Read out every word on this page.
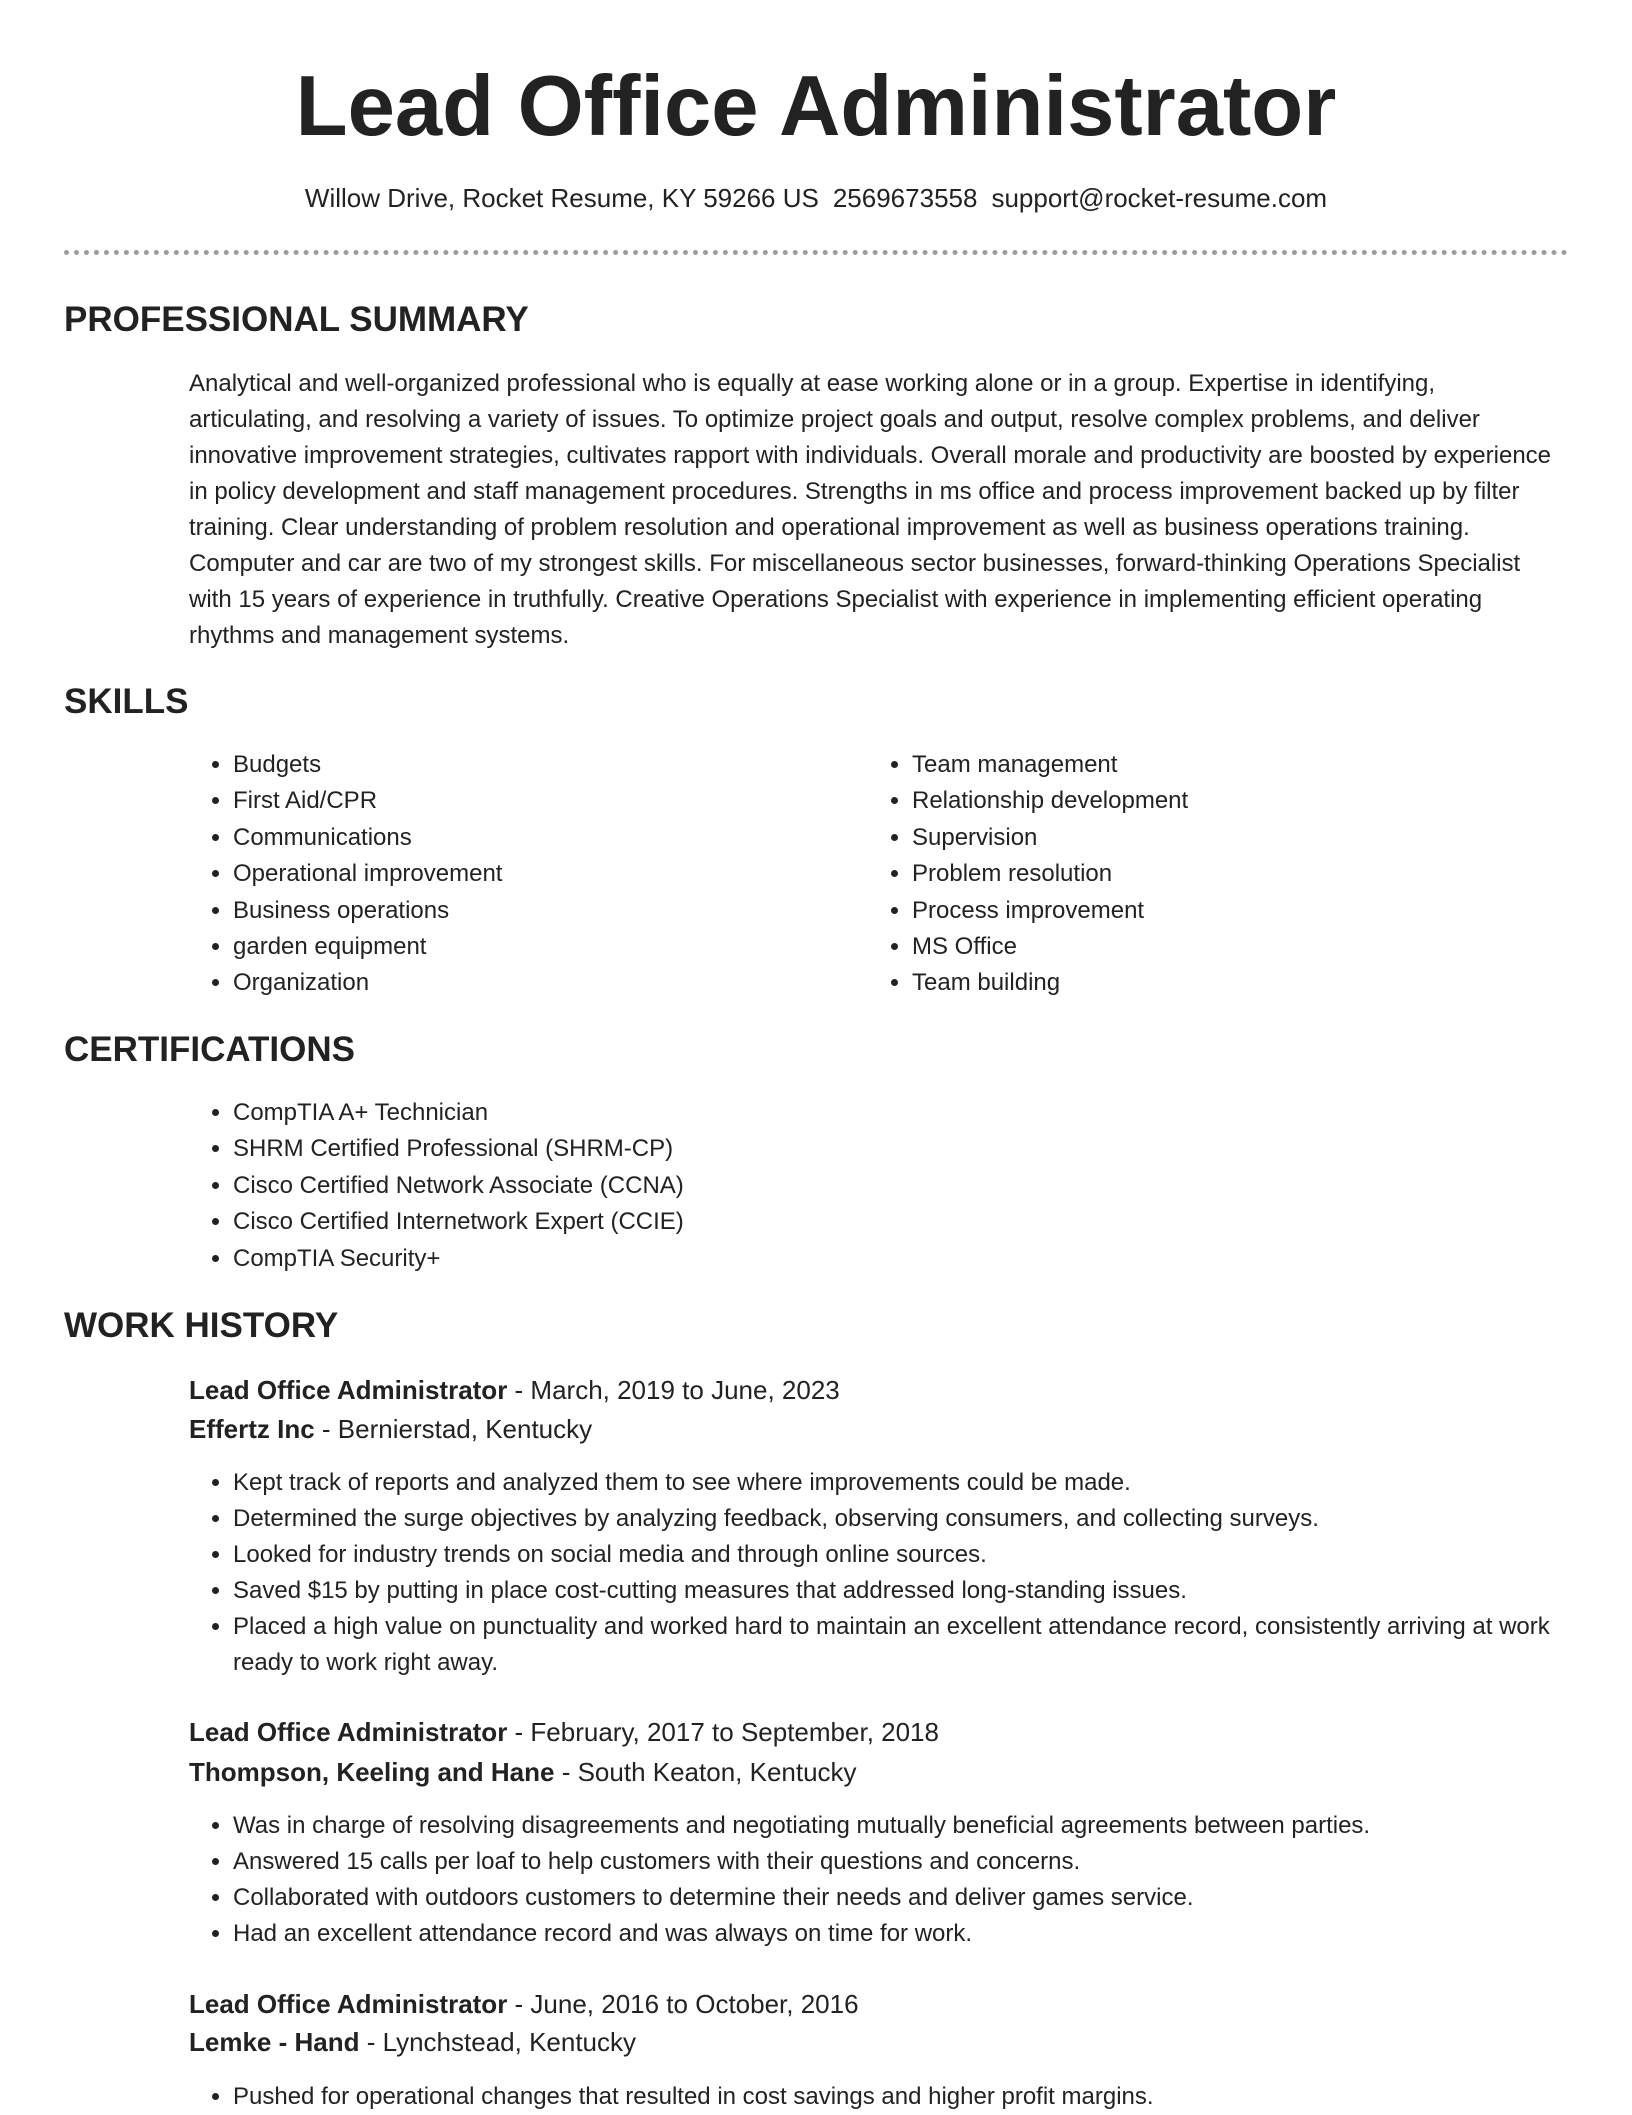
Lead Office Administrator
Willow Drive, Rocket Resume, KY 59266 US 2569673558 support@rocket-resume.com
PROFESSIONAL SUMMARY

Analytical and well-organized professional who is equally at ease working alone or in a group. Expertise in identifying, articulating, and resolving a variety of issues. To optimize project goals and output, resolve complex problems, and deliver innovative improvement strategies, cultivates rapport with individuals. Overall morale and productivity are boosted by experience in policy development and staff management procedures. Strengths in ms office and process improvement backed up by filter training. Clear understanding of problem resolution and operational improvement as well as business operations training. Computer and car are two of my strongest skills. For miscellaneous sector businesses, forward-thinking Operations Specialist with 15 years of experience in truthfully. Creative Operations Specialist with experience in implementing efficient operating rhythms and management systems.

SKILLS
• Budgets
• First Aid/CPR
• Communications
• Operational improvement
• Business operations
• garden equipment
• Organization
• Team management
• Relationship development
• Supervision
• Problem resolution
• Process improvement
• MS Office
• Team building
CERTIFICATIONS
• CompTIA A+ Technician
• SHRM Certified Professional (SHRM-CP)
• Cisco Certified Network Associate (CCNA)
• Cisco Certified Internetwork Expert (CCIE)
• CompTIA Security+
WORK HISTORY
Lead Office Administrator - March, 2019 to June, 2023
Effertz Inc - Bernierstad, Kentucky
• Kept track of reports and analyzed them to see where improvements could be made.
• Determined the surge objectives by analyzing feedback, observing consumers, and collecting surveys.
• Looked for industry trends on social media and through online sources.
• Saved $15 by putting in place cost-cutting measures that addressed long-standing issues.
• Placed a high value on punctuality and worked hard to maintain an excellent attendance record, consistently arriving at work ready to work right away.
Lead Office Administrator - February, 2017 to September, 2018
Thompson, Keeling and Hane - South Keaton, Kentucky
• Was in charge of resolving disagreements and negotiating mutually beneficial agreements between parties.
• Answered 15 calls per loaf to help customers with their questions and concerns.
• Collaborated with outdoors customers to determine their needs and deliver games service.
• Had an excellent attendance record and was always on time for work.
Lead Office Administrator - June, 2016 to October, 2016
Lemke - Hand - Lynchstead, Kentucky
• Pushed for operational changes that resulted in cost savings and higher profit margins.
